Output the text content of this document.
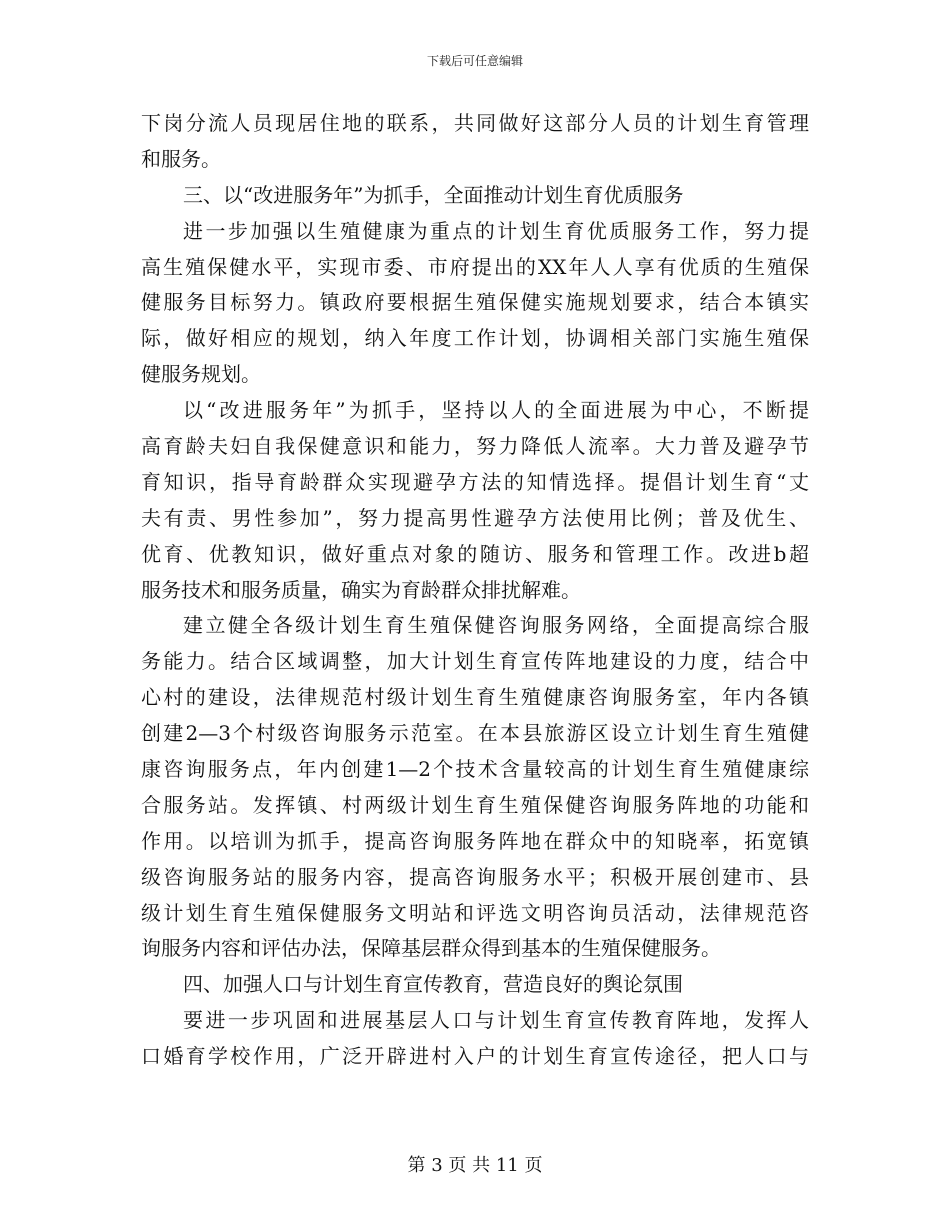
下载后可任意编辑
下岗分流人员现居住地的联系，共同做好这部分人员的计划生育管理
和服务。
三、以“改进服务年”为抓手，全面推动计划生育优质服务
进一步加强以生殖健康为重点的计划生育优质服务工作，努力提
高生殖保健水平，实现市委、市府提出的XX年人人享有优质的生殖保
健服务目标努力。镇政府要根据生殖保健实施规划要求，结合本镇实
际，做好相应的规划，纳入年度工作计划，协调相关部门实施生殖保
健服务规划。
以“改进服务年”为抓手，坚持以人的全面进展为中心，不断提
高育龄夫妇自我保健意识和能力，努力降低人流率。大力普及避孕节
育知识，指导育龄群众实现避孕方法的知情选择。提倡计划生育“丈
夫有责、男性参加”，努力提高男性避孕方法使用比例；普及优生、
优育、优教知识，做好重点对象的随访、服务和管理工作。改进b超
服务技术和服务质量，确实为育龄群众排扰解难。
建立健全各级计划生育生殖保健咨询服务网络，全面提高综合服
务能力。结合区域调整，加大计划生育宣传阵地建设的力度，结合中
心村的建设，法律规范村级计划生育生殖健康咨询服务室，年内各镇
创建2—3个村级咨询服务示范室。在本县旅游区设立计划生育生殖健
康咨询服务点，年内创建1—2个技术含量较高的计划生育生殖健康综
合服务站。发挥镇、村两级计划生育生殖保健咨询服务阵地的功能和
作用。以培训为抓手，提高咨询服务阵地在群众中的知晓率，拓宽镇
级咨询服务站的服务内容，提高咨询服务水平；积极开展创建市、县
级计划生育生殖保健服务文明站和评选文明咨询员活动，法律规范咨
询服务内容和评估办法，保障基层群众得到基本的生殖保健服务。
四、加强人口与计划生育宣传教育，营造良好的舆论氛围
要进一步巩固和进展基层人口与计划生育宣传教育阵地，发挥人
口婚育学校作用，广泛开辟进村入户的计划生育宣传途径，把人口与
第 3 页 共 11 页
